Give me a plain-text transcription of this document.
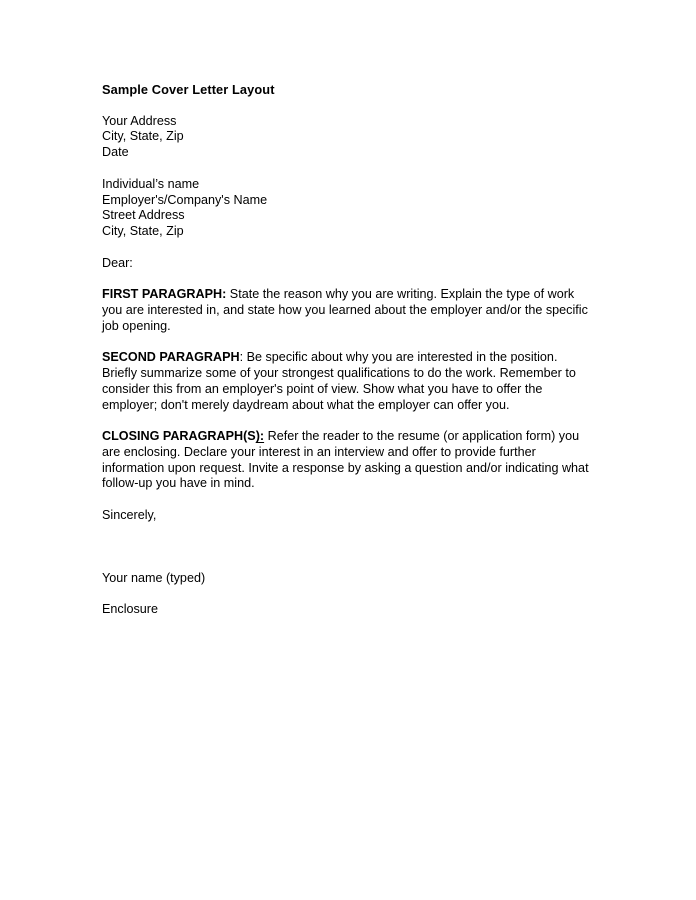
Sample Cover Letter Layout
Your Address
City, State, Zip
Date
Individual’s name
Employer's/Company's Name
Street Address
City, State, Zip
Dear:
FIRST PARAGRAPH: State the reason why you are writing. Explain the type of work you are interested in, and state how you learned about the employer and/or the specific job opening.
SECOND PARAGRAPH: Be specific about why you are interested in the position. Briefly summarize some of your strongest qualifications to do the work. Remember to consider this from an employer's point of view. Show what you have to offer the employer; don't merely daydream about what the employer can offer you.
CLOSING PARAGRAPH(S): Refer the reader to the resume (or application form) you are enclosing. Declare your interest in an interview and offer to provide further information upon request. Invite a response by asking a question and/or indicating what follow-up you have in mind.
Sincerely,
Your name (typed)
Enclosure
